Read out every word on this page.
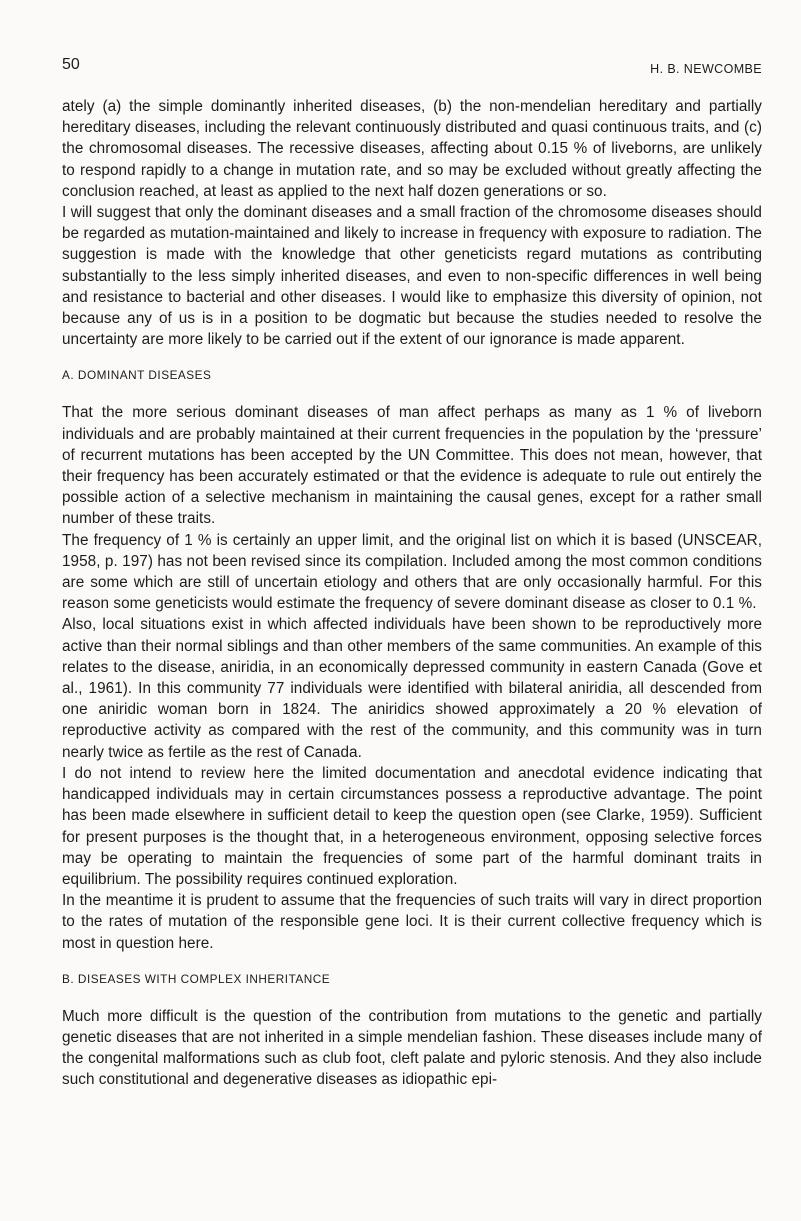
50	H. B. NEWCOMBE

ately (a) the simple dominantly inherited diseases, (b) the non-mendelian hereditary and partially hereditary diseases, including the relevant continuously distributed and quasi continuous traits, and (c) the chromosomal diseases. The recessive diseases, affecting about 0.15 % of liveborns, are unlikely to respond rapidly to a change in mutation rate, and so may be excluded without greatly affecting the conclusion reached, at least as applied to the next half dozen generations or so.

I will suggest that only the dominant diseases and a small fraction of the chromosome diseases should be regarded as mutation-maintained and likely to increase in frequency with exposure to radiation. The suggestion is made with the knowledge that other geneticists regard mutations as contributing substantially to the less simply inherited diseases, and even to non-specific differences in well being and resistance to bacterial and other diseases. I would like to emphasize this diversity of opinion, not because any of us is in a position to be dogmatic but because the studies needed to resolve the uncertainty are more likely to be carried out if the extent of our ignorance is made apparent.

A. DOMINANT DISEASES

That the more serious dominant diseases of man affect perhaps as many as 1 % of liveborn individuals and are probably maintained at their current frequencies in the population by the ‘pressure’ of recurrent mutations has been accepted by the UN Committee. This does not mean, however, that their frequency has been accurately estimated or that the evidence is adequate to rule out entirely the possible action of a selective mechanism in maintaining the causal genes, except for a rather small number of these traits.

The frequency of 1 % is certainly an upper limit, and the original list on which it is based (UNSCEAR, 1958, p. 197) has not been revised since its compilation. Included among the most common conditions are some which are still of uncertain etiology and others that are only occasionally harmful. For this reason some geneticists would estimate the frequency of severe dominant disease as closer to 0.1 %.

Also, local situations exist in which affected individuals have been shown to be reproductively more active than their normal siblings and than other members of the same communities. An example of this relates to the disease, aniridia, in an economically depressed community in eastern Canada (Gove et al., 1961). In this community 77 individuals were identified with bilateral aniridia, all descended from one aniridic woman born in 1824. The aniridics showed approximately a 20 % elevation of reproductive activity as compared with the rest of the community, and this community was in turn nearly twice as fertile as the rest of Canada.

I do not intend to review here the limited documentation and anecdotal evidence indicating that handicapped individuals may in certain circumstances possess a reproductive advantage. The point has been made elsewhere in sufficient detail to keep the question open (see Clarke, 1959). Sufficient for present purposes is the thought that, in a heterogeneous environment, opposing selective forces may be operating to maintain the frequencies of some part of the harmful dominant traits in equilibrium. The possibility requires continued exploration.

In the meantime it is prudent to assume that the frequencies of such traits will vary in direct proportion to the rates of mutation of the responsible gene loci. It is their current collective frequency which is most in question here.

B. DISEASES WITH COMPLEX INHERITANCE

Much more difficult is the question of the contribution from mutations to the genetic and partially genetic diseases that are not inherited in a simple mendelian fashion. These diseases include many of the congenital malformations such as club foot, cleft palate and pyloric stenosis. And they also include such constitutional and degenerative diseases as idiopathic epi-
